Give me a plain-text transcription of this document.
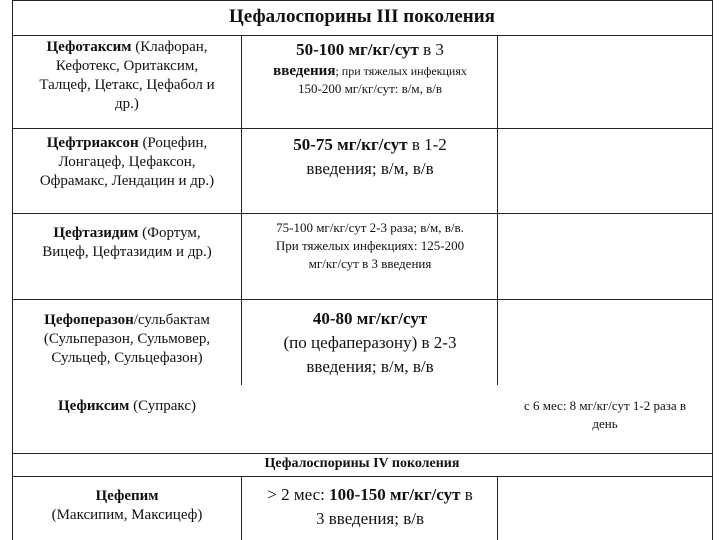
Цефалоспорины III поколения
Цефотаксим (Клафоран,
Кефотекс, Оритаксим,
Талцеф, Цетакс, Цефабол и
др.)
50-100 мг/кг/сут в 3
введения; при тяжелых инфекциях
150-200 мг/кг/сут: в/м, в/в
Цефтриаксон (Роцефин,
Лонгацеф, Цефаксон,
Офрамакс, Лендацин и др.)
50-75 мг/кг/сут в 1-2
введения; в/м, в/в
Цефтазидим (Фортум,
Вицеф, Цефтазидим и др.)
75-100 мг/кг/сут 2-3 раза; в/м, в/в.
При тяжелых инфекциях: 125-200
мг/кг/сут в 3 введения
Цефоперазон/сульбактам
(Сульперазон, Сульмовер,
Сульцеф, Сульцефазон)
40-80 мг/кг/сут
(по цефаперазону) в 2-3
введения; в/м, в/в
Цефиксим (Супракс)	с 6 мес: 8 мг/кг/сут 1-2 раза в
день
Цефалоспорины IV поколения
Цефепим
(Максипим, Максицеф)
> 2 мес: 100-150 мг/кг/сут в
3 введения; в/в
